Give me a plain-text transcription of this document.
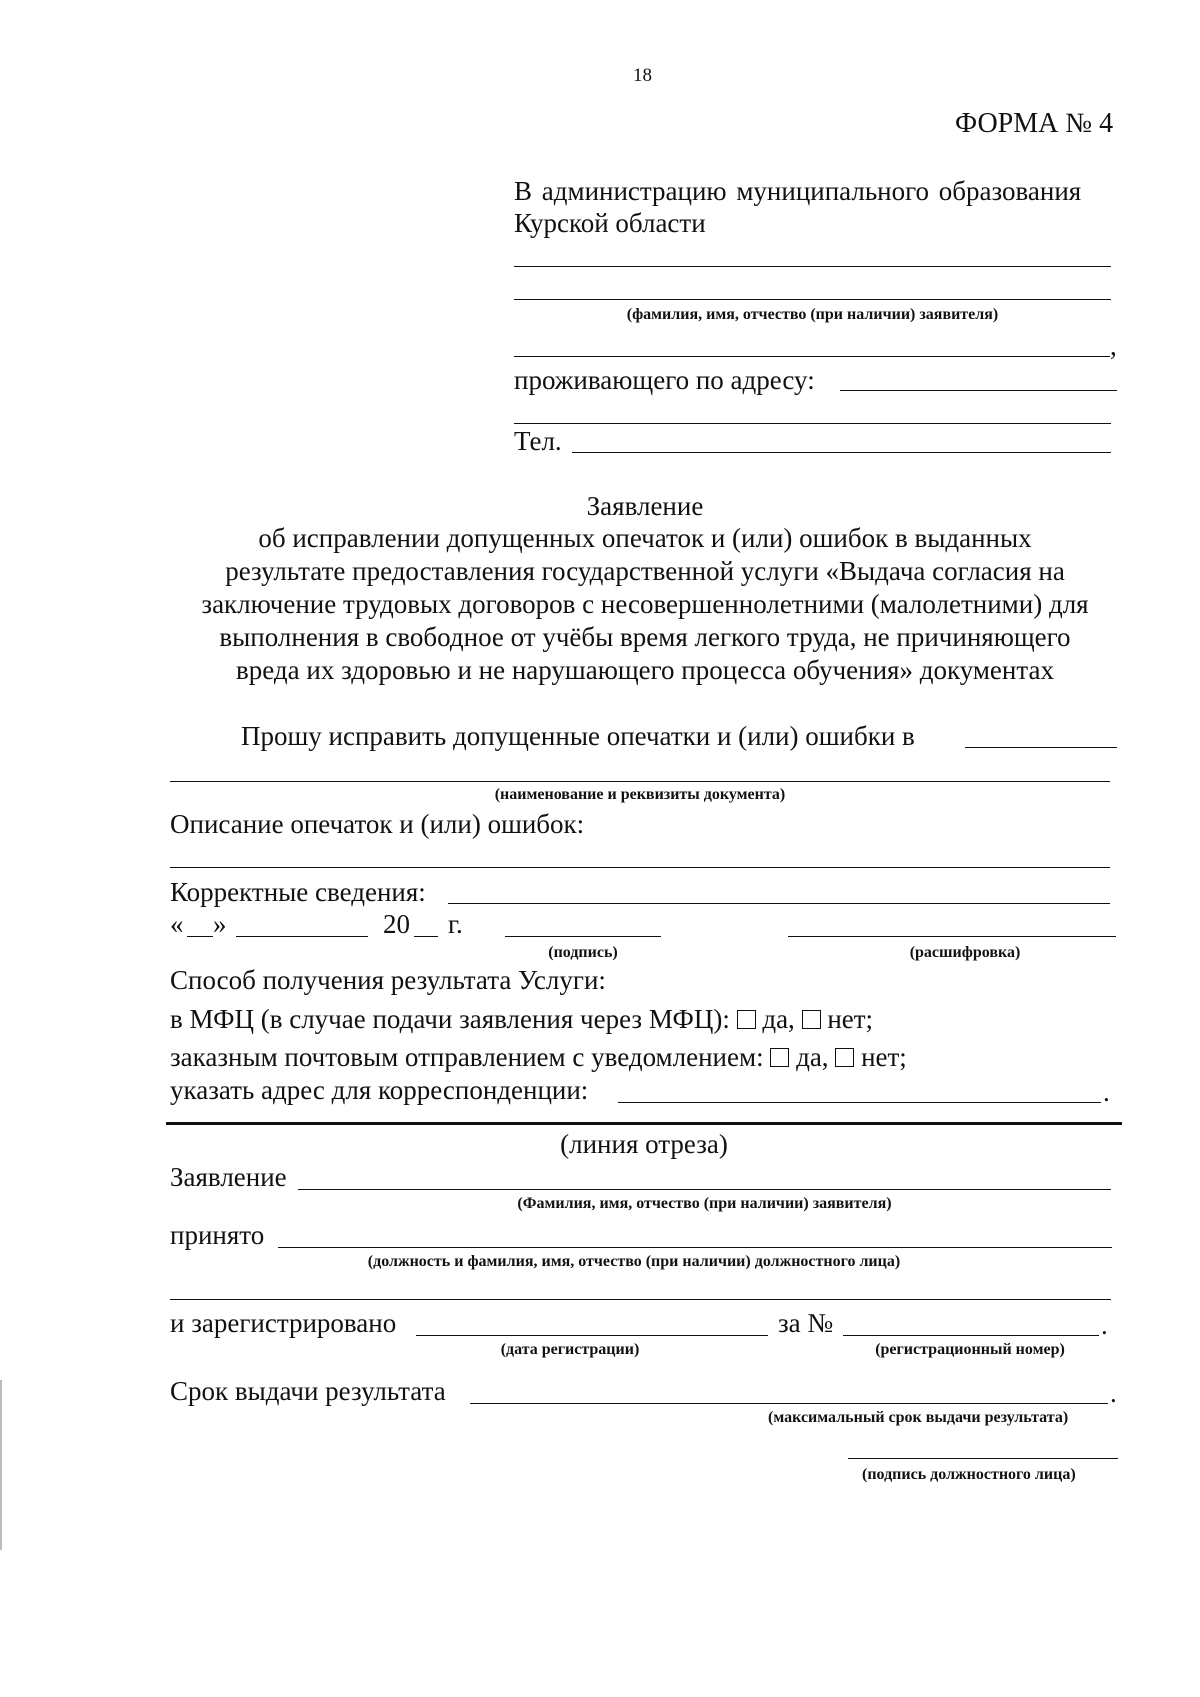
18
ФОРМА № 4
В администрацию муниципального образования
Курской области
(фамилия, имя, отчество (при наличии) заявителя)
,
проживающего по адресу:
Тел.
Заявление
об исправлении допущенных опечаток и (или) ошибок в выданных
результате предоставления государственной услуги «Выдача согласия на
заключение трудовых договоров с несовершеннолетними (малолетними) для
выполнения в свободное от учёбы время легкого труда, не причиняющего
вреда их здоровью и не нарушающего процесса обучения» документах
Прошу исправить допущенные опечатки и (или) ошибки в
(наименование и реквизиты документа)
Описание опечаток и (или) ошибок:
Корректные сведения:
« »	20 г.
(подпись)	(расшифровка)
Способ получения результата Услуги:
в МФЦ (в случае подачи заявления через МФЦ): да, нет;
заказным почтовым отправлением с уведомлением: да, нет;
указать адрес для корреспонденции:	.
(линия отреза)
Заявление
(Фамилия, имя, отчество (при наличии) заявителя)
принято
(должность и фамилия, имя, отчество (при наличии) должностного лица)
и зарегистрировано	за №	.
(дата регистрации)	(регистрационный номер)
Срок выдачи результата	.
(максимальный срок выдачи результата)
(подпись должностного лица)
